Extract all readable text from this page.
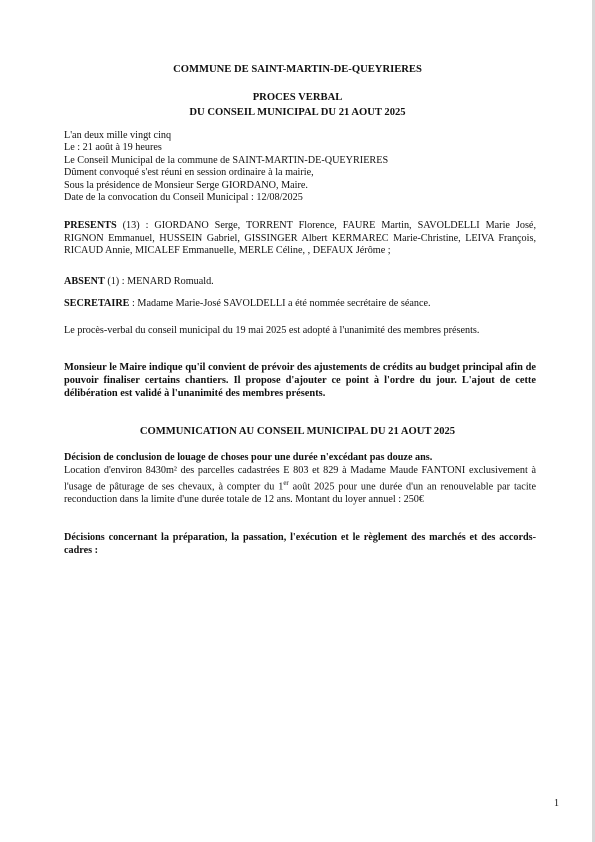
COMMUNE DE SAINT-MARTIN-DE-QUEYRIERES
PROCES VERBAL
DU CONSEIL MUNICIPAL DU 21 AOUT 2025
L'an deux mille vingt cinq
Le : 21 août à 19 heures
Le Conseil Municipal de la commune de SAINT-MARTIN-DE-QUEYRIERES
Dûment convoqué s'est réuni en session ordinaire à la mairie,
Sous la présidence de Monsieur Serge GIORDANO, Maire.
Date de la convocation du Conseil Municipal : 12/08/2025
PRESENTS (13) : GIORDANO Serge, TORRENT Florence, FAURE Martin, SAVOLDELLI Marie José, RIGNON Emmanuel, HUSSEIN Gabriel, GISSINGER Albert KERMAREC Marie-Christine, LEIVA François, RICAUD Annie, MICALEF Emmanuelle, MERLE Céline, , DEFAUX Jérôme ;
ABSENT (1) : MENARD Romuald.
SECRETAIRE : Madame Marie-José SAVOLDELLI a été nommée secrétaire de séance.
Le procès-verbal du conseil municipal du 19 mai 2025 est adopté à l'unanimité des membres présents.
Monsieur le Maire indique qu'il convient de prévoir des ajustements de crédits au budget principal afin de pouvoir finaliser certains chantiers. Il propose d'ajouter ce point à l'ordre du jour. L'ajout de cette délibération est validé à l'unanimité des membres présents.
COMMUNICATION AU CONSEIL MUNICIPAL DU 21 AOUT 2025
Décision de conclusion de louage de choses pour une durée n'excédant pas douze ans.
Location d'environ 8430m² des parcelles cadastrées E 803 et 829 à Madame Maude FANTONI exclusivement à l'usage de pâturage de ses chevaux, à compter du 1er août 2025 pour une durée d'un an renouvelable par tacite reconduction dans la limite d'une durée totale de 12 ans. Montant du loyer annuel : 250€
Décisions concernant la préparation, la passation, l'exécution et le règlement des marchés et des accords-cadres :
1
